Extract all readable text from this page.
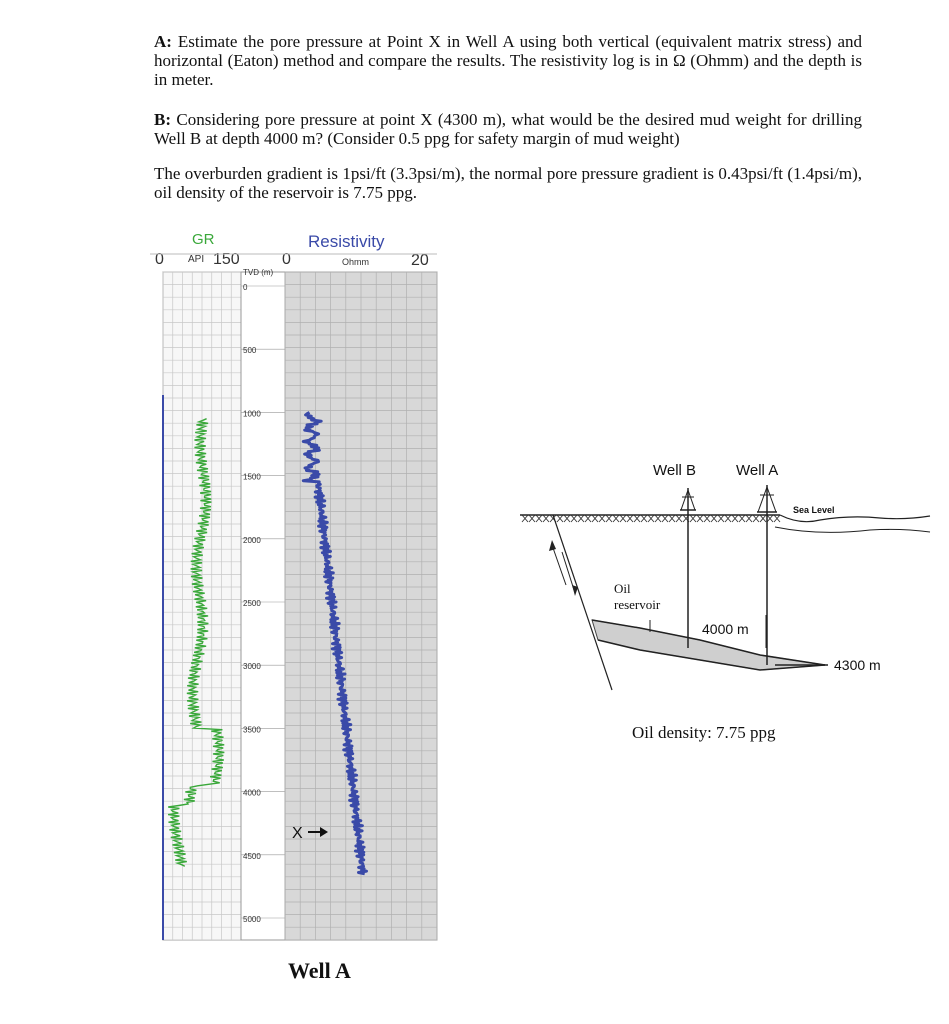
A: Estimate the pore pressure at Point X in Well A using both vertical (equivalent matrix stress) and horizontal (Eaton) method and compare the results. The resistivity log is in Ω (Ohmm) and the depth is in meter.

B: Considering pore pressure at point X (4300 m), what would be the desired mud weight for drilling Well B at depth 4000 m? (Consider 0.5 ppg for safety margin of mud weight)

The overburden gradient is 1psi/ft (3.3psi/m), the normal pore pressure gradient is 0.43psi/ft (1.4psi/m), oil density of the reservoir is 7.75 ppg.

GR
0 API 150	0
Resistivity
Ohmm	20
TVD (m)
0
500
1000
1500
2000
2500
3000
3500
4000
4500
5000
X
Well A
Sea Level
Oil
reservoir
Well B
4000 m
Well A
4300 m
Oil density: 7.75 ppg
